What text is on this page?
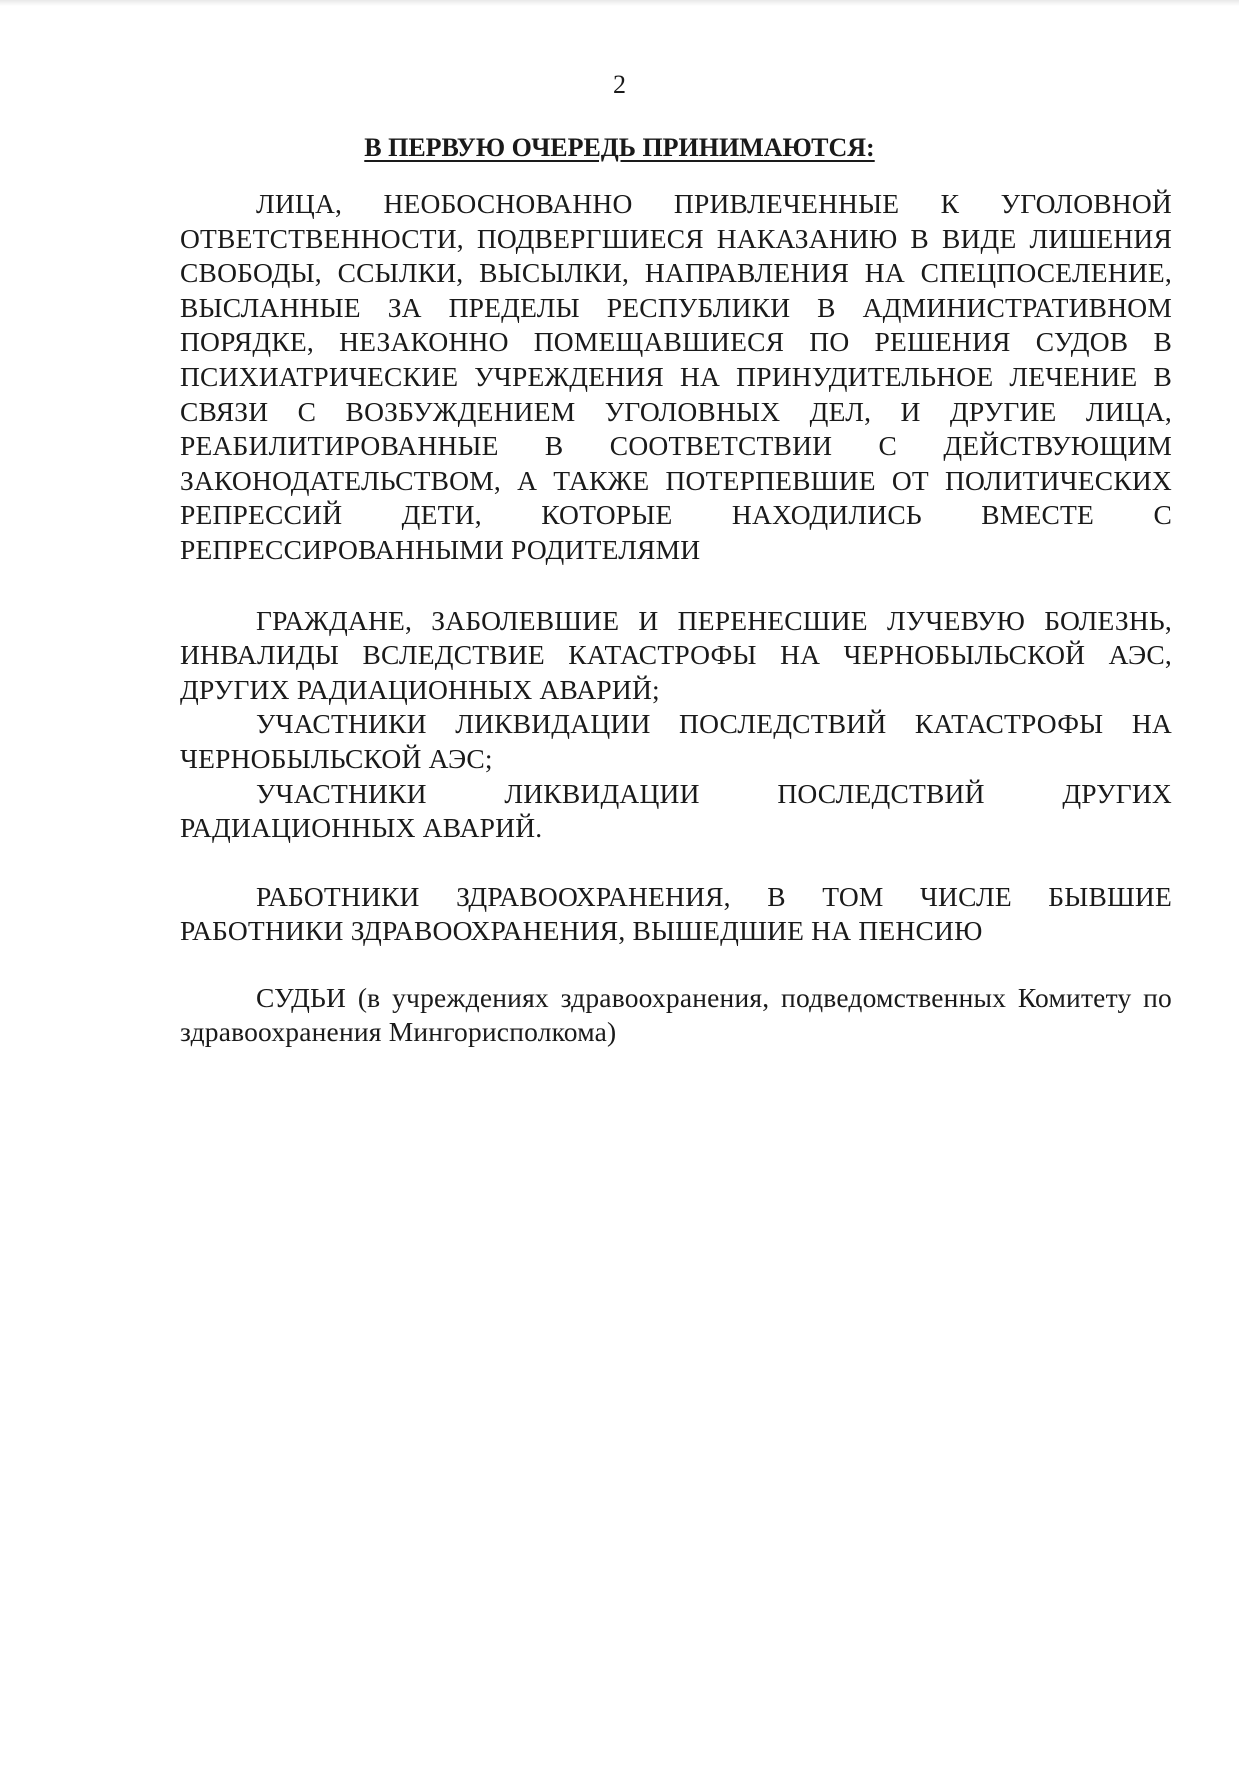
2
В ПЕРВУЮ ОЧЕРЕДЬ ПРИНИМАЮТСЯ:

ЛИЦА, НЕОБОСНОВАННО ПРИВЛЕЧЕННЫЕ К УГОЛОВНОЙ ОТВЕТСТВЕННОСТИ, ПОДВЕРГШИЕСЯ НАКАЗАНИЮ В ВИДЕ ЛИШЕНИЯ СВОБОДЫ, ССЫЛКИ, ВЫСЫЛКИ, НАПРАВЛЕНИЯ НА СПЕЦПОСЕЛЕНИЕ, ВЫСЛАННЫЕ ЗА ПРЕДЕЛЫ РЕСПУБЛИКИ В АДМИНИСТРАТИВНОМ ПОРЯДКЕ, НЕЗАКОННО ПОМЕЩАВШИЕСЯ ПО РЕШЕНИЯ СУДОВ В ПСИХИАТРИЧЕСКИЕ УЧРЕЖДЕНИЯ НА ПРИНУДИТЕЛЬНОЕ ЛЕЧЕНИЕ В СВЯЗИ С ВОЗБУЖДЕНИЕМ УГОЛОВНЫХ ДЕЛ, И ДРУГИЕ ЛИЦА, РЕАБИЛИТИРОВАННЫЕ В СООТВЕТСТВИИ С ДЕЙСТВУЮЩИМ ЗАКОНОДАТЕЛЬСТВОМ, А ТАКЖЕ ПОТЕРПЕВШИЕ ОТ ПОЛИТИЧЕСКИХ РЕПРЕССИЙ ДЕТИ, КОТОРЫЕ НАХОДИЛИСЬ ВМЕСТЕ С РЕПРЕССИРОВАННЫМИ РОДИТЕЛЯМИ

ГРАЖДАНЕ, ЗАБОЛЕВШИЕ И ПЕРЕНЕСШИЕ ЛУЧЕВУЮ БОЛЕЗНЬ, ИНВАЛИДЫ ВСЛЕДСТВИЕ КАТАСТРОФЫ НА ЧЕРНОБЫЛЬСКОЙ АЭС, ДРУГИХ РАДИАЦИОННЫХ АВАРИЙ;

УЧАСТНИКИ ЛИКВИДАЦИИ ПОСЛЕДСТВИЙ КАТАСТРОФЫ НА ЧЕРНОБЫЛЬСКОЙ АЭС;

УЧАСТНИКИ ЛИКВИДАЦИИ ПОСЛЕДСТВИЙ ДРУГИХ РАДИАЦИОННЫХ АВАРИЙ.

РАБОТНИКИ ЗДРАВООХРАНЕНИЯ, В ТОМ ЧИСЛЕ БЫВШИЕ РАБОТНИКИ ЗДРАВООХРАНЕНИЯ, ВЫШЕДШИЕ НА ПЕНСИЮ

СУДЬИ (в учреждениях здравоохранения, подведомственных Комитету по здравоохранения Мингорисполкома)
